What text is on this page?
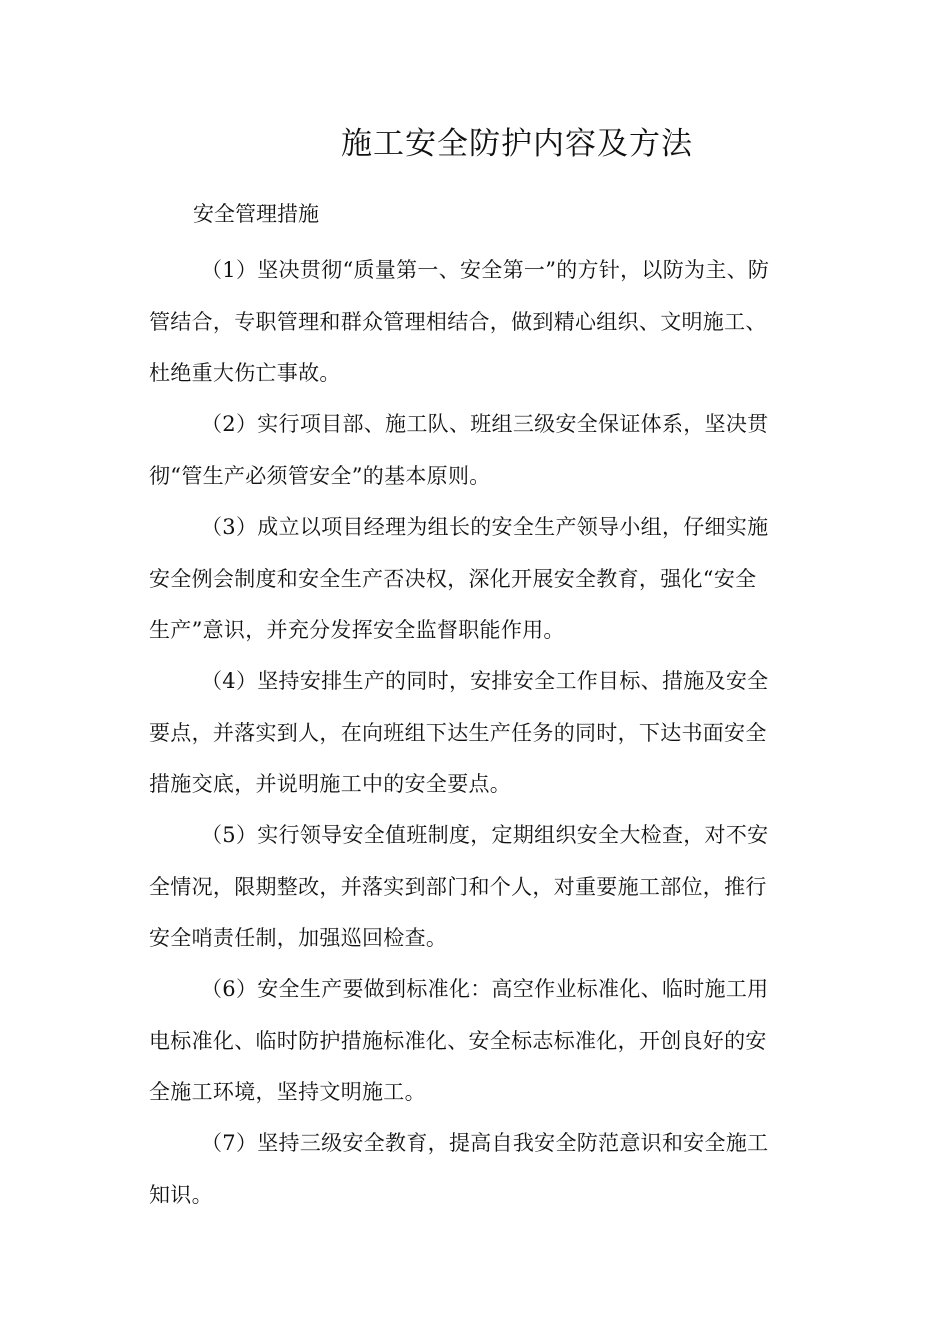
施工安全防护内容及方法
安全管理措施
（1）坚决贯彻“质量第一、安全第一”的方针，以防为主、防
管结合，专职管理和群众管理相结合，做到精心组织、文明施工、
杜绝重大伤亡事故。
（2）实行项目部、施工队、班组三级安全保证体系，坚决贯
彻“管生产必须管安全”的基本原则。
（3）成立以项目经理为组长的安全生产领导小组，仔细实施
安全例会制度和安全生产否决权，深化开展安全教育，强化“安全
生产”意识，并充分发挥安全监督职能作用。
（4）坚持安排生产的同时，安排安全工作目标、措施及安全
要点，并落实到人，在向班组下达生产任务的同时，下达书面安全
措施交底，并说明施工中的安全要点。
（5）实行领导安全值班制度，定期组织安全大检查，对不安
全情况，限期整改，并落实到部门和个人，对重要施工部位，推行
安全哨责任制，加强巡回检查。
（6）安全生产要做到标准化：高空作业标准化、临时施工用
电标准化、临时防护措施标准化、安全标志标准化，开创良好的安
全施工环境，坚持文明施工。
（7）坚持三级安全教育，提高自我安全防范意识和安全施工
知识。
